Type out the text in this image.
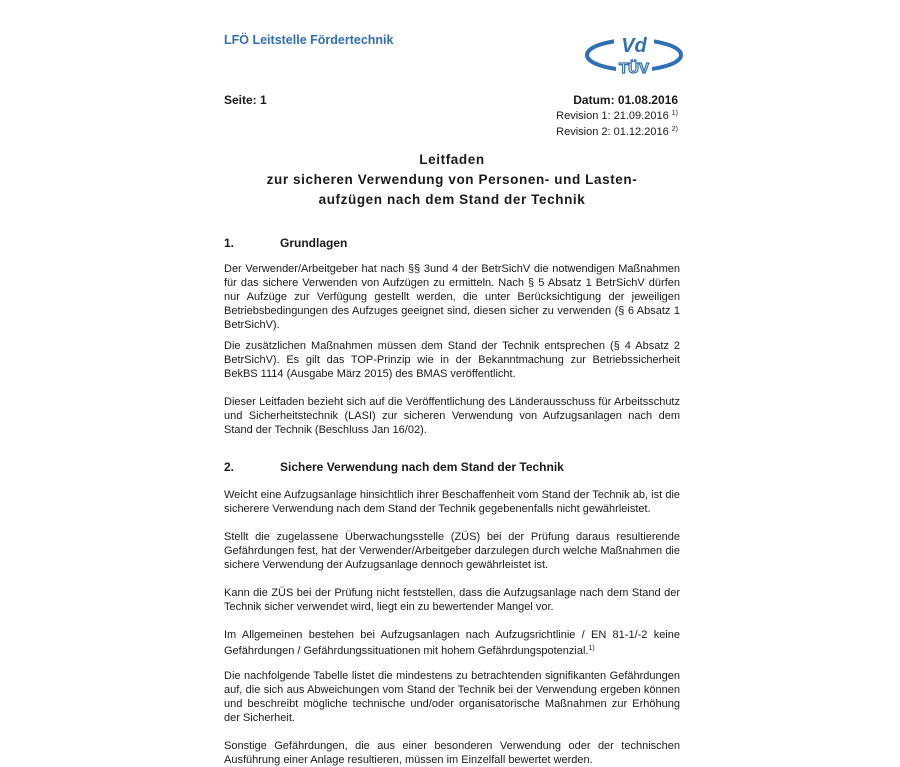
LFÖ Leitstelle Fördertechnik	Vd
TÜV
Seite: 1	Datum: 01.08.2016
Revision 1: 21.09.2016 $^{1)}$
Revision 2: 01.12.2016 $^{2)}$
Leitfaden
zur sicheren Verwendung von Personen- und Lasten-
aufzügen nach dem Stand der Technik
1.	Grundlagen

Der Verwender/Arbeitgeber hat nach §§ 3und 4 der BetrSichV die notwendigen Maßnahmen für das sichere Verwenden von Aufzügen zu ermitteln. Nach § 5 Absatz 1 BetrSichV dürfen nur Aufzüge zur Verfügung gestellt werden, die unter Berücksichtigung der jeweiligen Betriebsbedingungen des Aufzuges geeignet sind, diesen sicher zu verwenden (§ 6 Absatz 1 BetrSichV).

Die zusätzlichen Maßnahmen müssen dem Stand der Technik entsprechen (§ 4 Absatz 2 BetrSichV). Es gilt das TOP-Prinzip wie in der Bekanntmachung zur Betriebssicherheit BekBS 1114 (Ausgabe März 2015) des BMAS veröffentlicht.

Dieser Leitfaden bezieht sich auf die Veröffentlichung des Länderausschuss für Arbeitsschutz und Sicherheitstechnik (LASI) zur sicheren Verwendung von Aufzugsanlagen nach dem Stand der Technik (Beschluss Jan 16/02).

2.	Sichere Verwendung nach dem Stand der Technik

Weicht eine Aufzugsanlage hinsichtlich ihrer Beschaffenheit vom Stand der Technik ab, ist die sicherere Verwendung nach dem Stand der Technik gegebenenfalls nicht gewährleistet.

Stellt die zugelassene Überwachungsstelle (ZÜS) bei der Prüfung daraus resultierende Gefährdungen fest, hat der Verwender/Arbeitgeber darzulegen durch welche Maßnahmen die sichere Verwendung der Aufzugsanlage dennoch gewährleistet ist.

Kann die ZÜS bei der Prüfung nicht feststellen, dass die Aufzugsanlage nach dem Stand der Technik sicher verwendet wird, liegt ein zu bewertender Mangel vor.

Im Allgemeinen bestehen bei Aufzugsanlagen nach Aufzugsrichtlinie / EN 81-1/-2 keine Gefährdungen / Gefährdungssituationen mit hohem Gefährdungspotenzial.$^{1)}$

Die nachfolgende Tabelle listet die mindestens zu betrachtenden signifikanten Gefährdungen auf, die sich aus Abweichungen vom Stand der Technik bei der Verwendung ergeben können und beschreibt mögliche technische und/oder organisatorische Maßnahmen zur Erhöhung der Sicherheit.

Sonstige Gefährdungen, die aus einer besonderen Verwendung oder der technischen Ausführung einer Anlage resultieren, müssen im Einzelfall bewertet werden.
